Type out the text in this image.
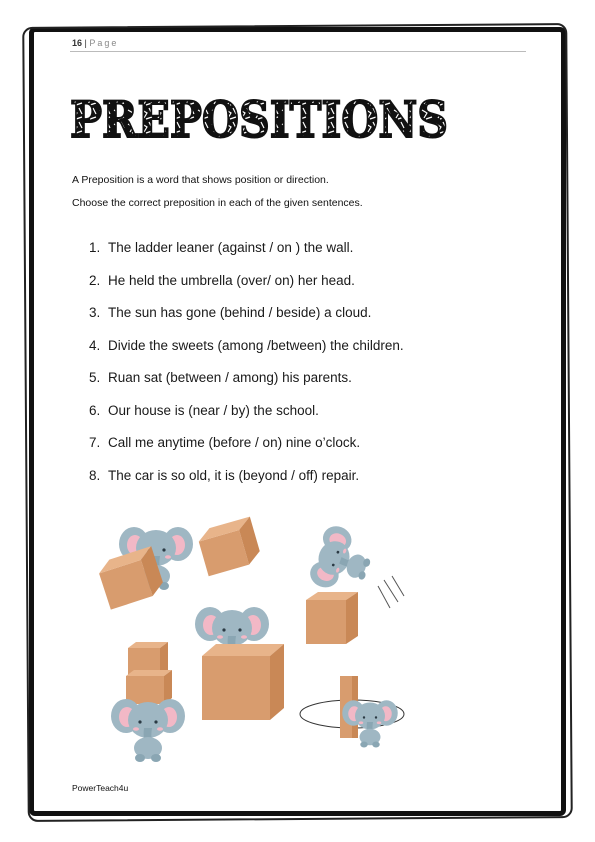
16 | Page
PREPOSITIONS
A Preposition is a word that shows position or direction.
Choose the correct preposition in each of the given sentences.
1. The ladder leaner (against / on ) the wall.
2. He held the umbrella (over/ on) her head.
3. The sun has gone (behind / beside) a cloud.
4. Divide the sweets (among /between) the children.
5. Ruan sat (between / among) his parents.
6. Our house is (near / by) the school.
7. Call me anytime (before / on) nine o’clock.
8. The car is so old, it is (beyond / off) repair.
PowerTeach4u
